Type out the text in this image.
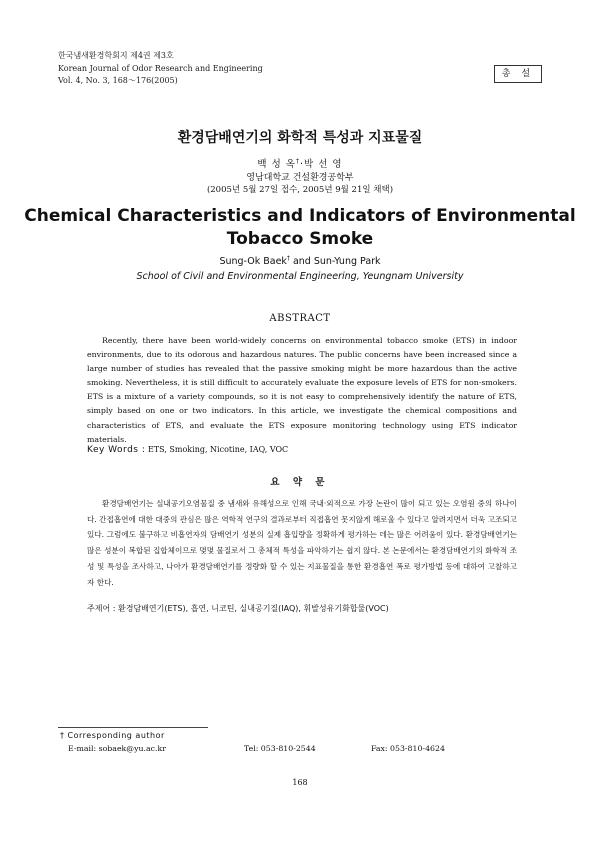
한국냄새환경학회지 제4권 제3호
Korean Journal of Odor Research and Engineering
Vol. 4, No. 3, 168～176(2005)
총 설
환경담배연기의 화학적 특성과 지표물질
백 성 옥†·박 선 영
영남대학교 건설환경공학부
(2005년 5월 27일 접수, 2005년 9월 21일 채택)
Chemical Characteristics and Indicators of Environmental
Tobacco Smoke
Sung-Ok Baek† and Sun-Yung Park
School of Civil and Environmental Engineering, Yeungnam University
ABSTRACT

Recently, there have been world-widely concerns on environmental tobacco smoke (ETS) in indoor environments, due to its odorous and hazardous natures. The public concerns have been increased since a large number of studies has revealed that the passive smoking might be more hazardous than the active smoking. Nevertheless, it is still difficult to accurately evaluate the exposure levels of ETS for non-smokers. ETS is a mixture of a variety compounds, so it is not easy to comprehensively identify the nature of ETS, simply based on one or two indicators. In this article, we investigate the chemical compositions and characteristics of ETS, and evaluate the ETS exposure monitoring technology using ETS indicator materials.

Key Words : ETS, Smoking, Nicotine, IAQ, VOC
요 약 문

환경담배연기는 실내공기오염물질 중 냄새와 유해성으로 인해 국내·외적으로 가장 논란이 많이 되고 있는 오염원 중의 하나이다. 간접흡연에 대한 대중의 관심은 많은 역학적 연구의 결과로부터 직접흡연 못지않게 해로울 수 있다고 알려지면서 더욱 고조되고 있다. 그럼에도 불구하고 비흡연자의 담배연기 성분의 실제 흡입량을 정확하게 평가하는 데는 많은 어려움이 있다. 환경담배연기는 많은 성분이 복합된 집합체이므로 몇몇 물질로서 그 총체적 특성을 파악하기는 쉽지 않다. 본 논문에서는 환경담배연기의 화학적 조성 및 특성을 조사하고, 나아가 환경담배연기를 정량화 할 수 있는 지표물질을 통한 환경흡연 폭로 평가방법 등에 대하여 고찰하고자 한다.

주제어 : 환경담배연기(ETS), 흡연, 니코틴, 실내공기질(IAQ), 휘발성유기화합물(VOC)
† Corresponding author
E-mail: sobaek@yu.ac.kr	Tel: 053-810-2544	Fax: 053-810-4624
168
